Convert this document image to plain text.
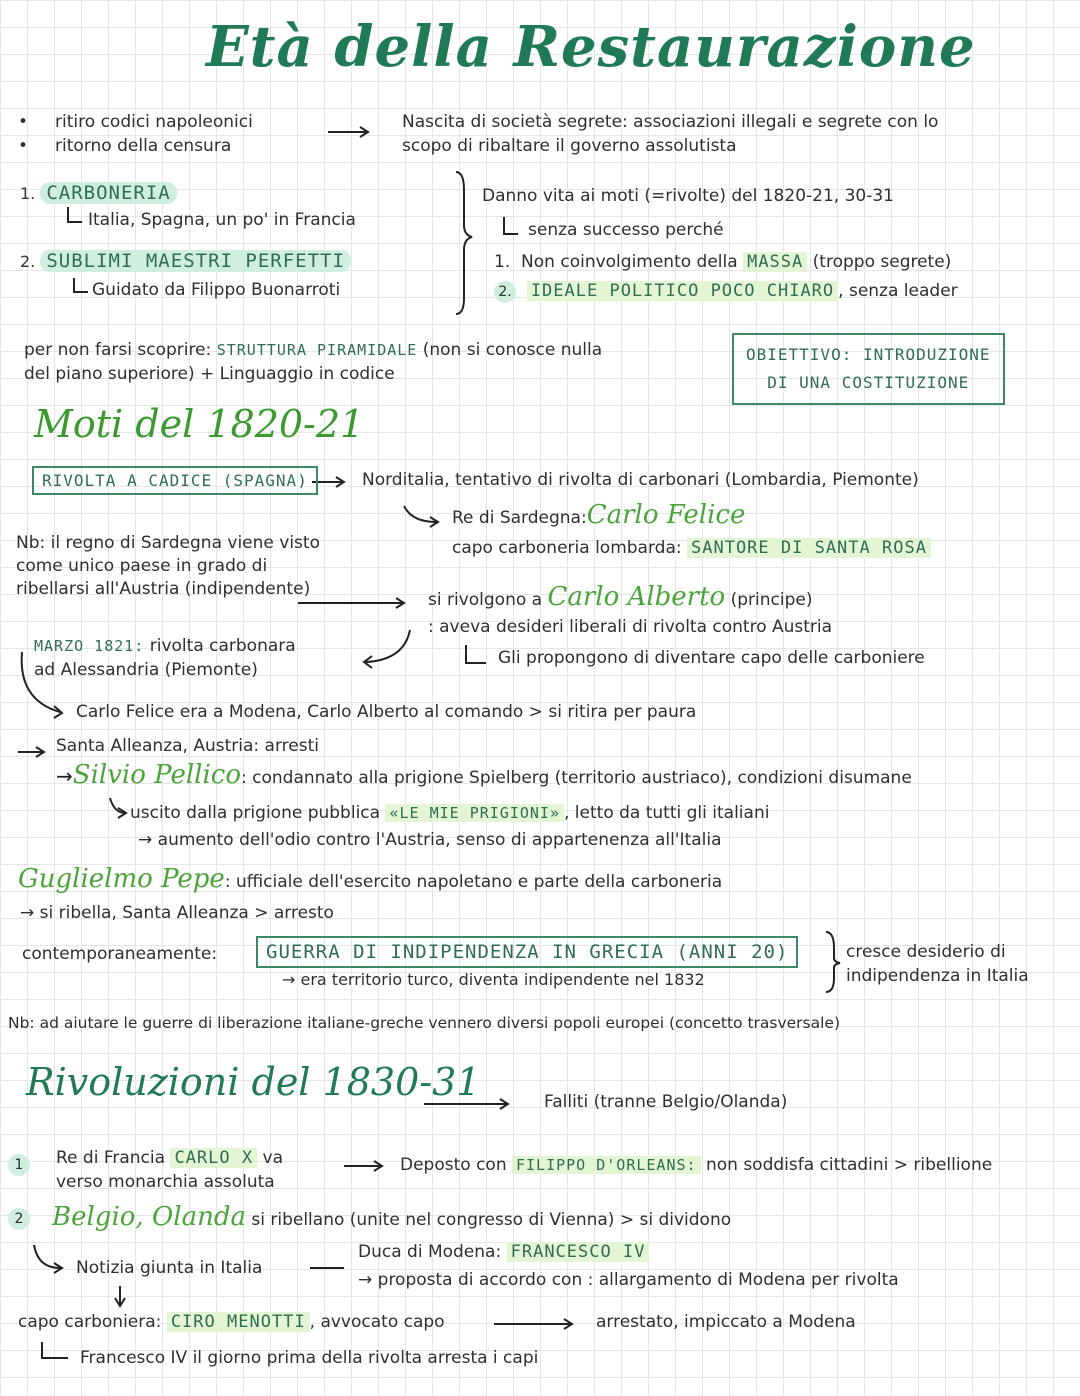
Età della Restaurazione
•     ritiro codici napoleonici
•     ritorno della censura
Nascita di società segrete: associazioni illegali e segrete con lo
scopo di ribaltare il governo assolutista
1. CARBONERIA
Italia, Spagna, un po' in Francia
2. SUBLIMI MAESTRI PERFETTI
Guidato da Filippo Buonarroti
Danno vita ai moti (=rivolte) del 1820-21, 30-31
senza successo perché
1. Non coinvolgimento della MASSA (troppo segrete)
2. IDEALE POLITICO POCO CHIARO , senza leader
per non farsi scoprire: STRUTTURA PIRAMIDALE (non si conosce nulla
del piano superiore) + Linguaggio in codice
OBIETTIVO: INTRODUZIONE
DI UNA COSTITUZIONE
Moti del 1820-21
RIVOLTA A CADICE (SPAGNA)	Norditalia, tentativo di rivolta di carbonari (Lombardia, Piemonte)
Re di Sardegna:Carlo Felice
capo carboneria lombarda: SANTORE DI SANTA ROSA
Nb: il regno di Sardegna viene visto
come unico paese in grado di
ribellarsi all'Austria (indipendente)
si rivolgono a Carlo Alberto (principe)
: aveva desideri liberali di rivolta contro Austria
Gli propongono di diventare capo delle carboniere
MARZO 1821: rivolta carbonara
ad Alessandria (Piemonte)
Carlo Felice era a Modena, Carlo Alberto al comando > si ritira per paura
Santa Alleanza, Austria: arresti
→Silvio Pellico: condannato alla prigione Spielberg (territorio austriaco), condizioni disumane
uscito dalla prigione pubblica «LE MIE PRIGIONI» , letto da tutti gli italiani
→ aumento dell'odio contro l'Austria, senso di appartenenza all'Italia
Guglielmo Pepe: ufficiale dell'esercito napoletano e parte della carboneria
→ si ribella, Santa Alleanza > arresto
contemporaneamente:	GUERRA DI INDIPENDENZA IN GRECIA (ANNI 20)
→ era territorio turco, diventa indipendente nel 1832
cresce desiderio di
indipendenza in Italia
Nb: ad aiutare le guerre di liberazione italiane-greche vennero diversi popoli europei (concetto trasversale)
Rivoluzioni del 1830-31	Falliti (tranne Belgio/Olanda)
1	Re di Francia CARLO X va
verso monarchia assoluta
Deposto con FILIPPO D'ORLEANS: non soddisfa cittadini > ribellione
2 Belgio, Olanda si ribellano (unite nel congresso di Vienna) > si dividono
Notizia giunta in Italia
Duca di Modena: FRANCESCO IV
→ proposta di accordo con : allargamento di Modena per rivolta
capo carboniera: CIRO MENOTTI , avvocato capo	arrestato, impiccato a Modena
Francesco IV il giorno prima della rivolta arresta i capi
